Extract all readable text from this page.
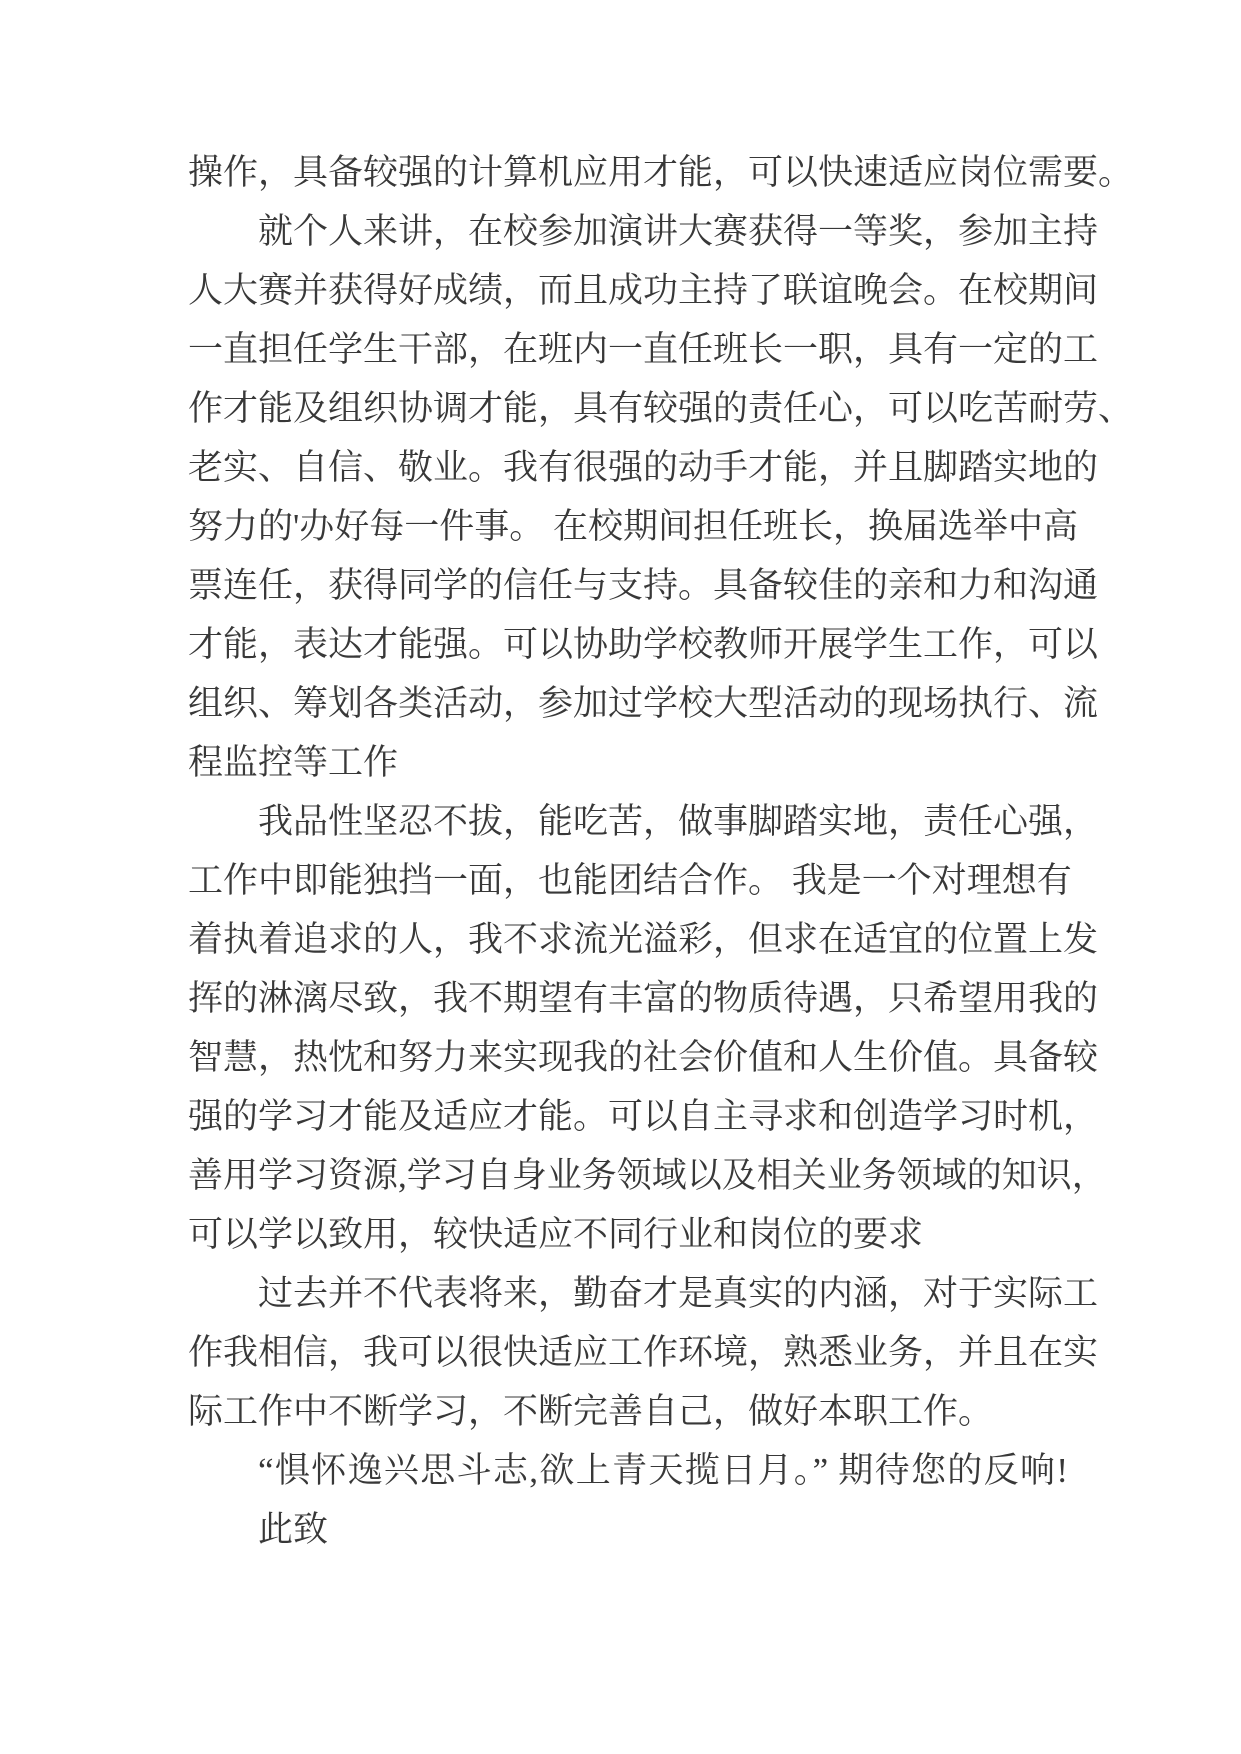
操作，具备较强的计算机应用才能，可以快速适应岗位需要。
就个人来讲，在校参加演讲大赛获得一等奖，参加主持
人大赛并获得好成绩，而且成功主持了联谊晚会。在校期间
一直担任学生干部，在班内一直任班长一职，具有一定的工
作才能及组织协调才能，具有较强的责任心，可以吃苦耐劳、
老实、自信、敬业。我有很强的动手才能，并且脚踏实地的
努力的'办好每一件事。 在校期间担任班长，换届选举中高
票连任，获得同学的信任与支持。具备较佳的亲和力和沟通
才能，表达才能强。可以协助学校教师开展学生工作，可以
组织、筹划各类活动，参加过学校大型活动的现场执行、流
程监控等工作
我品性坚忍不拔，能吃苦，做事脚踏实地，责任心强，
工作中即能独挡一面，也能团结合作。 我是一个对理想有
着执着追求的人，我不求流光溢彩，但求在适宜的位置上发
挥的淋漓尽致，我不期望有丰富的物质待遇，只希望用我的
智慧，热忱和努力来实现我的社会价值和人生价值。具备较
强的学习才能及适应才能。可以自主寻求和创造学习时机，
善用学习资源,学习自身业务领域以及相关业务领域的知识，
可以学以致用，较快适应不同行业和岗位的要求
过去并不代表将来，勤奋才是真实的内涵，对于实际工
作我相信，我可以很快适应工作环境，熟悉业务，并且在实
际工作中不断学习，不断完善自己，做好本职工作。
“惧怀逸兴思斗志,欲上青天揽日月。” 期待您的反响!
此致
